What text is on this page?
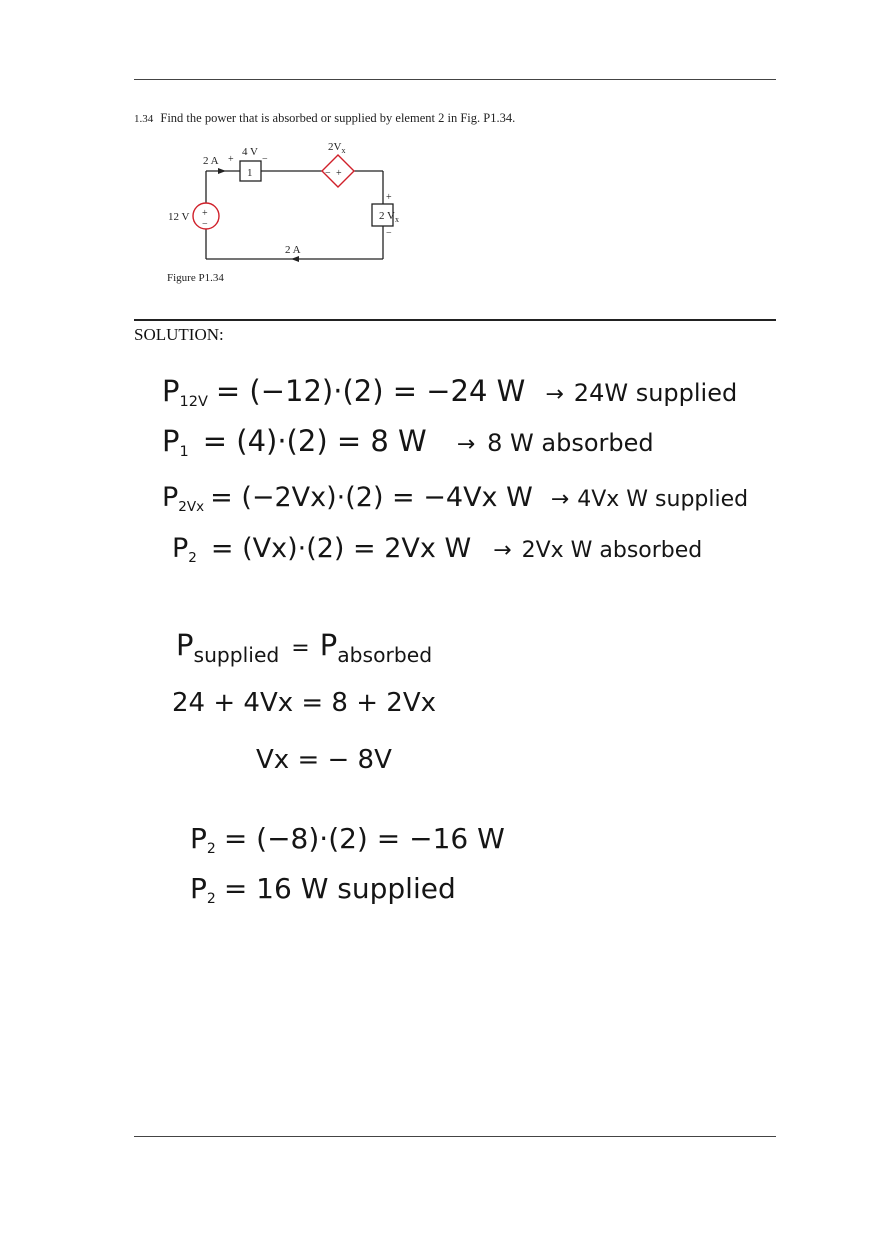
1.34 Find the power that is absorbed or supplied by element 2 in Fig. P1.34.
1	− +
$2V_x$
+
−
12 V	2
+
−
$V_x$
2 A +
4 V
−
2 A
Figure P1.34
SOLUTION:
P 12V = (−12)·(2) = −24 W → 24W supplied
P 1 = (4)·(2) = 8 W → 8 W absorbed
P 2Vx = (−2Vx)·(2) = −4Vx W → 4Vx W supplied
P 2 = (Vx)·(2) = 2Vx W → 2Vx W absorbed
P supplied = P absorbed
24 + 4Vx = 8 + 2Vx
Vx = − 8V
P 2 = (−8)·(2) = −16 W
P 2 = 16 W supplied
